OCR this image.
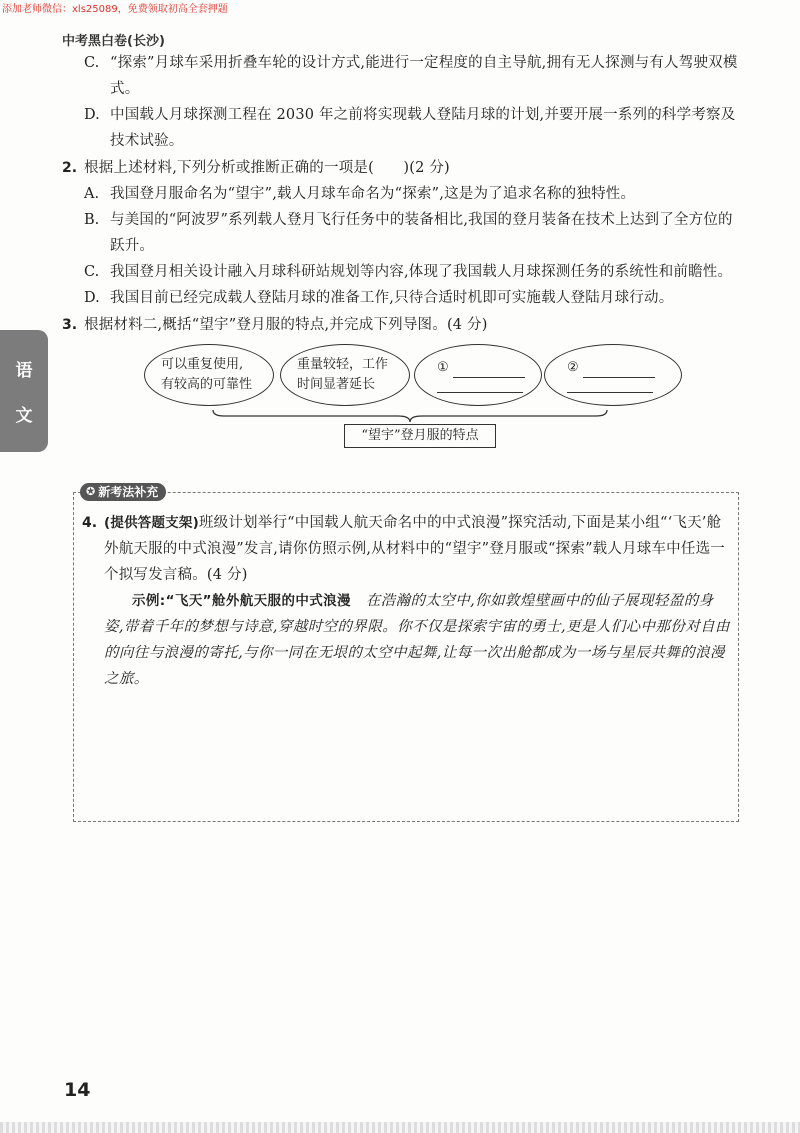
添加老师微信：xls25089，免费领取初高全套押题
中考黑白卷(长沙)
语
文
C. “探索”月球车采用折叠车轮的设计方式,能进行一定程度的自主导航,拥有无人探测与有人驾驶双模式。
D. 中国载人月球探测工程在 2030 年之前将实现载人登陆月球的计划,并要开展一系列的科学考察及技术试验。
2. 根据上述材料,下列分析或推断正确的一项是(　　)(2 分)
A. 我国登月服命名为“望宇”,载人月球车命名为“探索”,这是为了追求名称的独特性。
B. 与美国的“阿波罗”系列载人登月飞行任务中的装备相比,我国的登月装备在技术上达到了全方位的跃升。
C. 我国登月相关设计融入月球科研站规划等内容,体现了我国载人月球探测任务的系统性和前瞻性。
D. 我国目前已经完成载人登陆月球的准备工作,只待合适时机即可实施载人登陆月球行动。
3. 根据材料二,概括“望宇”登月服的特点,并完成下列导图。(4 分)
可以重复使用,
有较高的可靠性
重量较轻，工作
时间显著延长
①	②
“望宇”登月服的特点
✪ 新考法补充
4. (提供答题支架)班级计划举行“中国载人航天命名中的中式浪漫”探究活动,下面是某小组“‘飞天’舱外航天服的中式浪漫”发言,请你仿照示例,从材料中的“望宇”登月服或“探索”载人月球车中任选一个拟写发言稿。(4 分)
示例:“飞天”舱外航天服的中式浪漫　 在浩瀚的太空中,你如敦煌壁画中的仙子展现轻盈的身姿,带着千年的梦想与诗意,穿越时空的界限。你不仅是探索宇宙的勇士,更是人们心中那份对自由的向往与浪漫的寄托,与你一同在无垠的太空中起舞,让每一次出舱都成为一场与星辰共舞的浪漫之旅。
14
